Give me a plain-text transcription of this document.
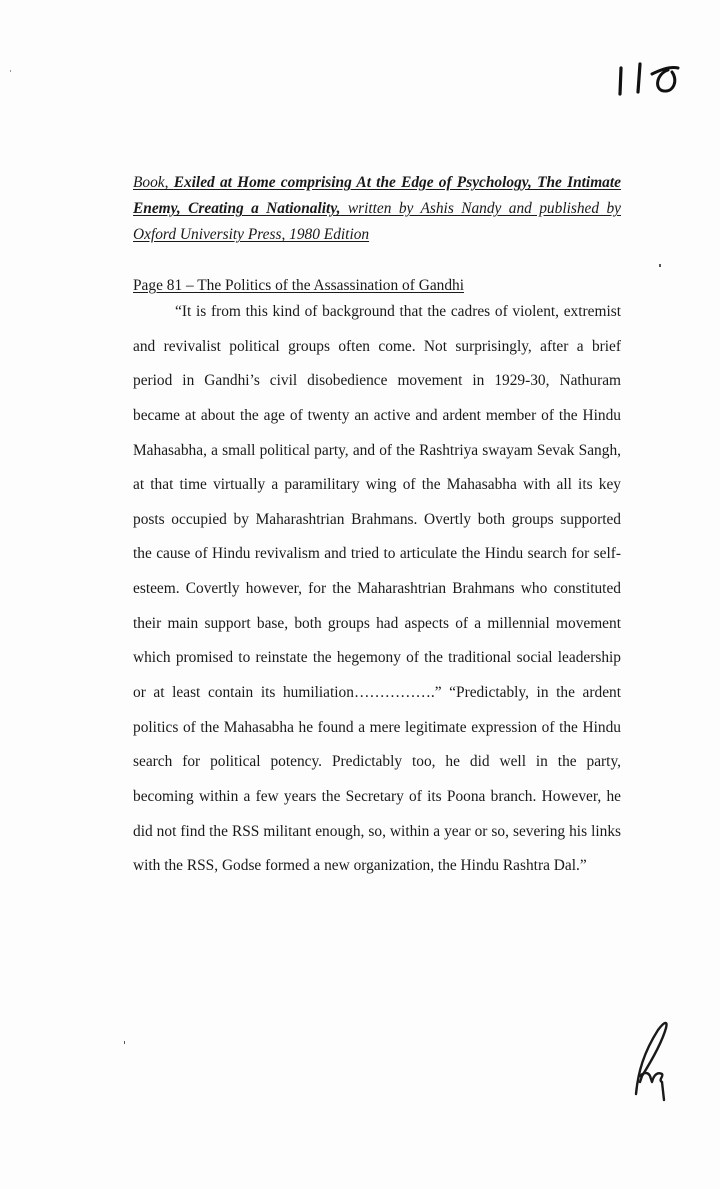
Book, Exiled at Home comprising At the Edge of Psychology, The Intimate
Enemy, Creating a Nationality, written by Ashis Nandy and published by
Oxford University Press, 1980 Edition
Page 81 – The Politics of the Assassination of Gandhi
“It is from this kind of background that the cadres of violent, extremist
and revivalist political groups often come. Not surprisingly, after a brief
period in Gandhi’s civil disobedience movement in 1929-30, Nathuram
became at about the age of twenty an active and ardent member of the Hindu
Mahasabha, a small political party, and of the Rashtriya swayam Sevak Sangh,
at that time virtually a paramilitary wing of the Mahasabha with all its key
posts occupied by Maharashtrian Brahmans. Overtly both groups supported
the cause of Hindu revivalism and tried to articulate the Hindu search for self-
esteem. Covertly however, for the Maharashtrian Brahmans who constituted
their main support base, both groups had aspects of a millennial movement
which promised to reinstate the hegemony of the traditional social leadership
or at least contain its humiliation…………….” “Predictably, in the ardent
politics of the Mahasabha he found a mere legitimate expression of the Hindu
search for political potency. Predictably too, he did well in the party,
becoming within a few years the Secretary of its Poona branch. However, he
did not find the RSS militant enough, so, within a year or so, severing his links
with the RSS, Godse formed a new organization, the Hindu Rashtra Dal.”
